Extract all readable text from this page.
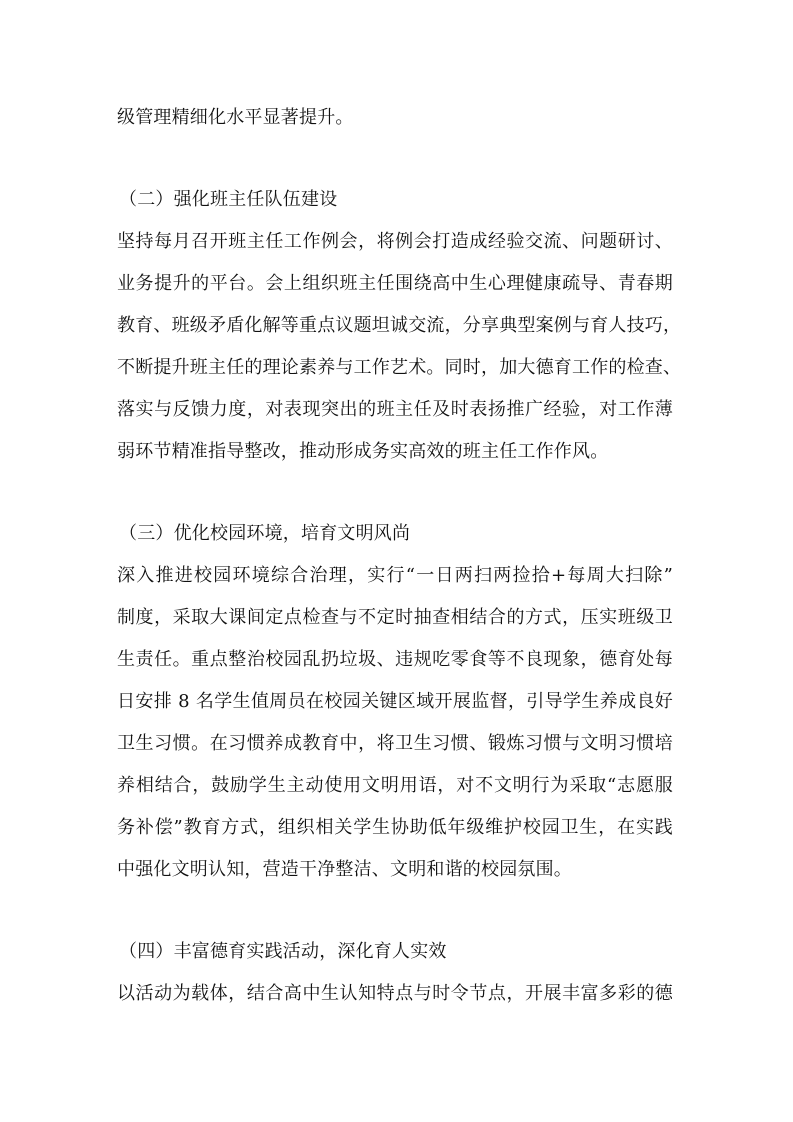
级管理精细化水平显著提升。
（二）强化班主任队伍建设
坚持每月召开班主任工作例会，将例会打造成经验交流、问题研讨、
业务提升的平台。会上组织班主任围绕高中生心理健康疏导、青春期
教育、班级矛盾化解等重点议题坦诚交流，分享典型案例与育人技巧，
不断提升班主任的理论素养与工作艺术。同时，加大德育工作的检查、
落实与反馈力度，对表现突出的班主任及时表扬推广经验，对工作薄
弱环节精准指导整改，推动形成务实高效的班主任工作作风。
（三）优化校园环境，培育文明风尚
深入推进校园环境综合治理，实行“一日两扫两捡拾+每周大扫除”
制度，采取大课间定点检查与不定时抽查相结合的方式，压实班级卫
生责任。重点整治校园乱扔垃圾、违规吃零食等不良现象，德育处每
日安排 8 名学生值周员在校园关键区域开展监督，引导学生养成良好
卫生习惯。在习惯养成教育中，将卫生习惯、锻炼习惯与文明习惯培
养相结合，鼓励学生主动使用文明用语，对不文明行为采取“志愿服
务补偿”教育方式，组织相关学生协助低年级维护校园卫生，在实践
中强化文明认知，营造干净整洁、文明和谐的校园氛围。
（四）丰富德育实践活动，深化育人实效
以活动为载体，结合高中生认知特点与时令节点，开展丰富多彩的德
